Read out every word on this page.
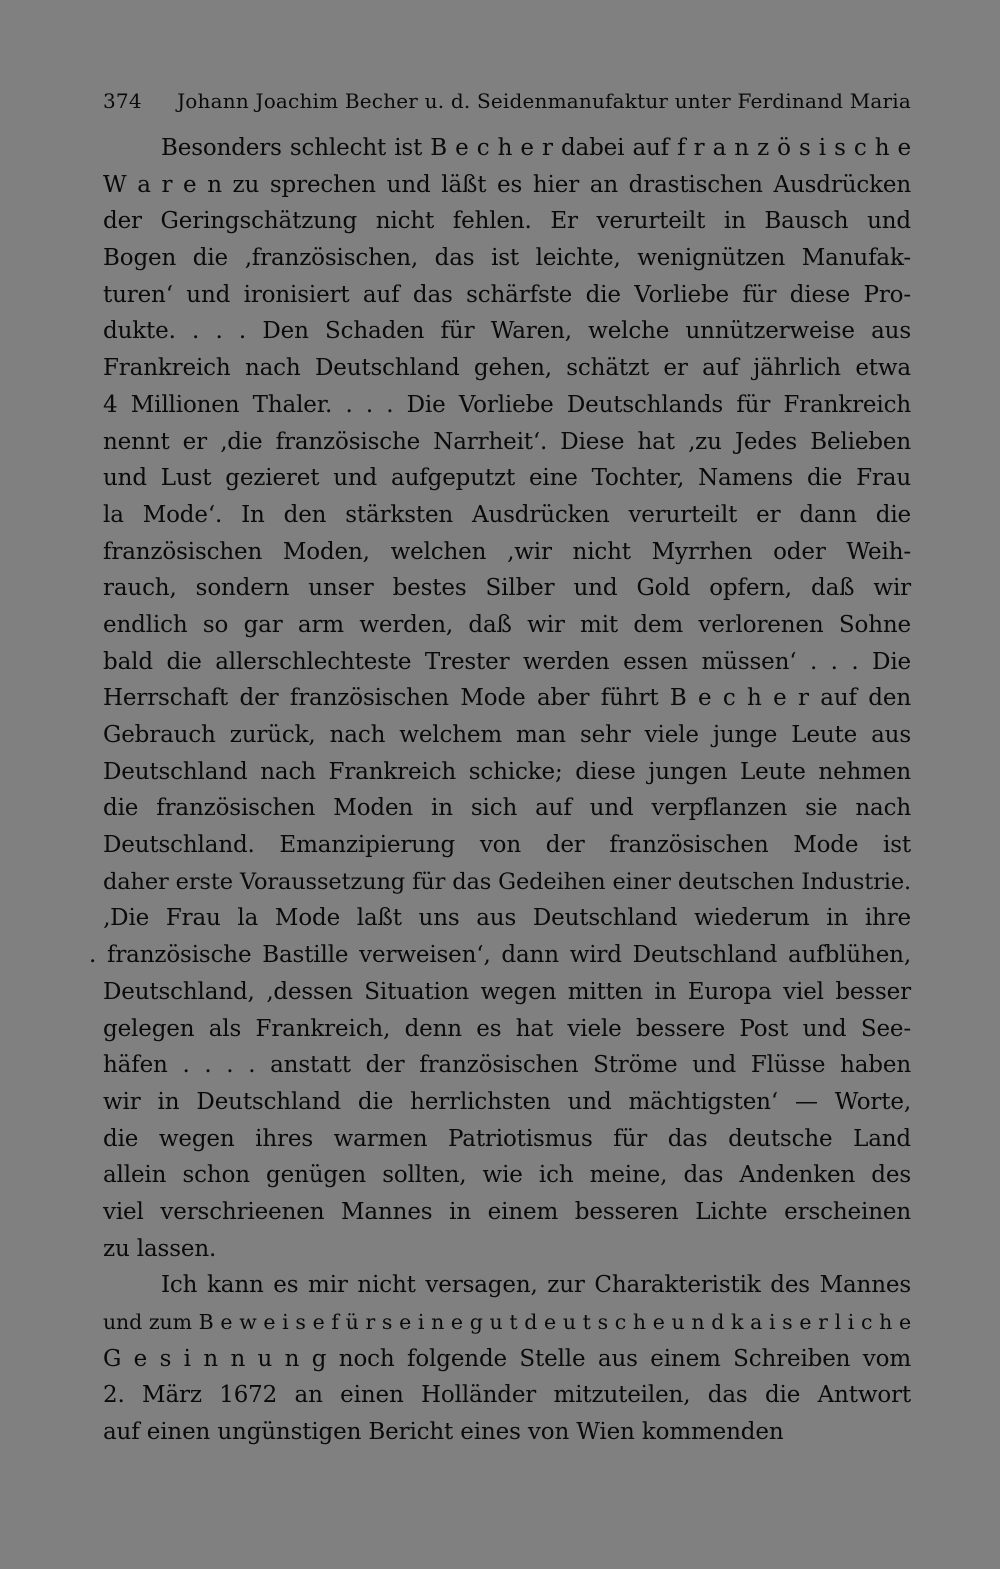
374	Johann Joachim Becher u. d. Seidenmanufaktur unter Ferdinand Maria
Besonders schlecht ist B e c h e r dabei auf f r a n z ö s i s c h e
W a r e n zu sprechen und läßt es hier an drastischen Ausdrücken
der Geringschätzung nicht fehlen. Er verurteilt in Bausch und
Bogen die ‚französischen, das ist leichte, wenignützen Manufak-
turen‘ und ironisiert auf das schärfste die Vorliebe für diese Pro-
dukte. . . . Den Schaden für Waren, welche unnützerweise aus
Frankreich nach Deutschland gehen, schätzt er auf jährlich etwa
4 Millionen Thaler. . . . Die Vorliebe Deutschlands für Frankreich
nennt er ‚die französische Narrheit‘. Diese hat ‚zu Jedes Belieben
und Lust gezieret und aufgeputzt eine Tochter, Namens die Frau
la Mode‘. In den stärksten Ausdrücken verurteilt er dann die
französischen Moden, welchen ‚wir nicht Myrrhen oder Weih-
rauch, sondern unser bestes Silber und Gold opfern, daß wir
endlich so gar arm werden, daß wir mit dem verlorenen Sohne
bald die allerschlechteste Trester werden essen müssen‘ . . . Die
Herrschaft der französischen Mode aber führt B e c h e r auf den
Gebrauch zurück, nach welchem man sehr viele junge Leute aus
Deutschland nach Frankreich schicke; diese jungen Leute nehmen
die französischen Moden in sich auf und verpflanzen sie nach
Deutschland. Emanzipierung von der französischen Mode ist
daher erste Voraussetzung für das Gedeihen einer deutschen Industrie.
‚Die Frau la Mode laßt uns aus Deutschland wiederum in ihre
. französische Bastille verweisen‘, dann wird Deutschland aufblühen,
Deutschland, ‚dessen Situation wegen mitten in Europa viel besser
gelegen als Frankreich, denn es hat viele bessere Post und See-
häfen . . . . anstatt der französischen Ströme und Flüsse haben
wir in Deutschland die herrlichsten und mächtigsten‘ — Worte,
die wegen ihres warmen Patriotismus für das deutsche Land
allein schon genügen sollten, wie ich meine, das Andenken des
viel verschrieenen Mannes in einem besseren Lichte erscheinen
zu lassen.
Ich kann es mir nicht versagen, zur Charakteristik des Mannes
und zum B e w e i s e f ü r s e i n e g u t d e u t s c h e u n d k a i s e r l i c h e
G e s i n n u n g noch folgende Stelle aus einem Schreiben vom
2. März 1672 an einen Holländer mitzuteilen, das die Antwort
auf einen ungünstigen Bericht eines von Wien kommenden
